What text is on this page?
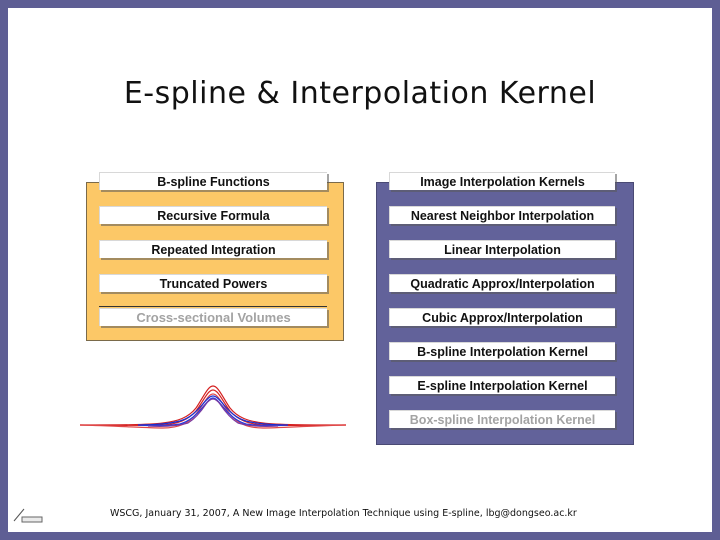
E-spline & Interpolation Kernel
B-spline Functions
Recursive Formula
Repeated Integration
Truncated Powers
Cross-sectional Volumes
Image Interpolation Kernels
Nearest Neighbor Interpolation
Linear Interpolation
Quadratic Approx/Interpolation
Cubic Approx/Interpolation
B-spline Interpolation Kernel
E-spline Interpolation Kernel
Box-spline Interpolation Kernel
WSCG, January 31, 2007, A New Image Interpolation Technique using E-spline, lbg@dongseo.ac.kr
